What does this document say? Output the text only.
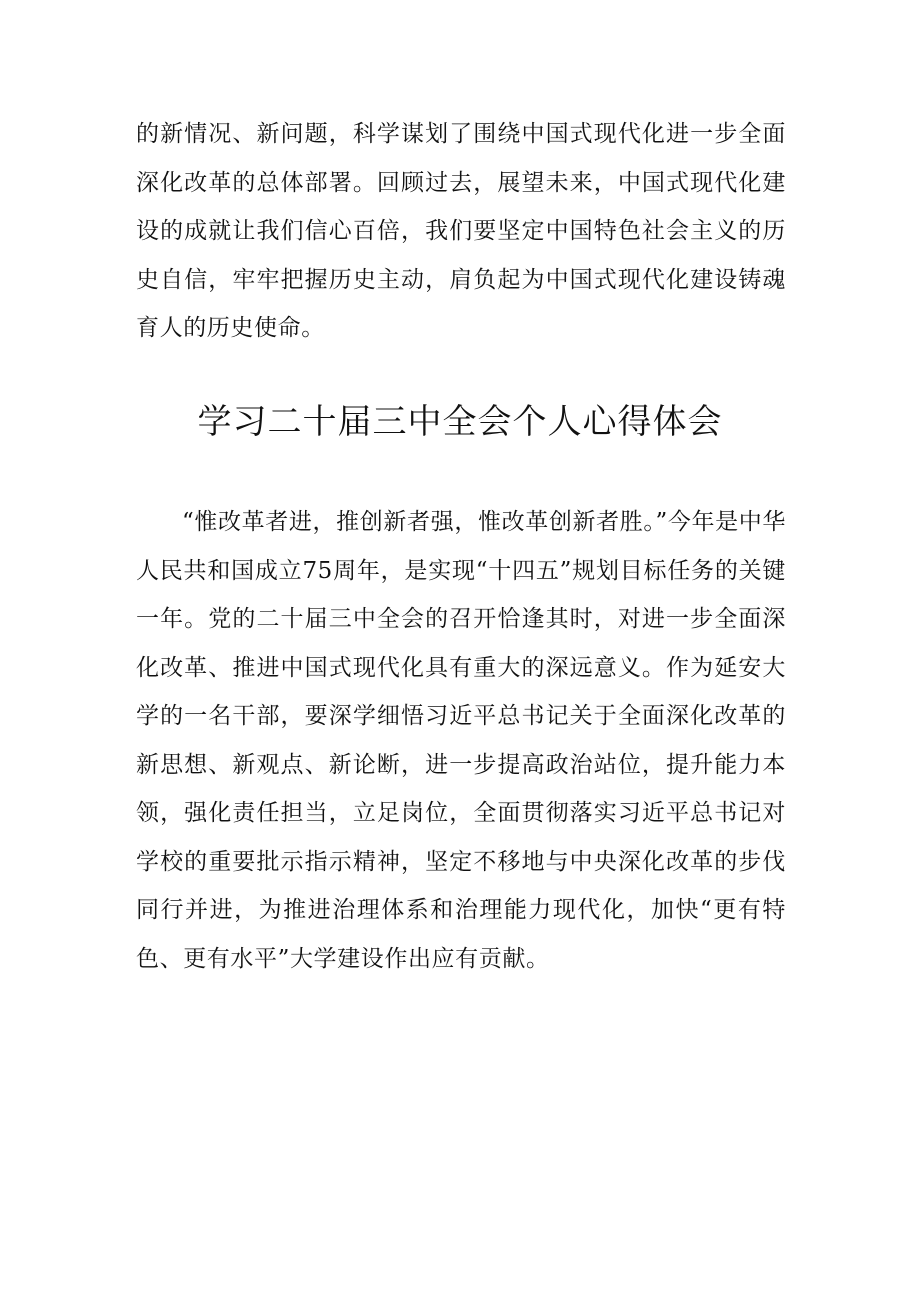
的新情况、新问题，科学谋划了围绕中国式现代化进一步全面深化改革的总体部署。回顾过去，展望未来，中国式现代化建设的成就让我们信心百倍，我们要坚定中国特色社会主义的历史自信，牢牢把握历史主动，肩负起为中国式现代化建设铸魂育人的历史使命。

学习二十届三中全会个人心得体会

“惟改革者进，推创新者强，惟改革创新者胜。”今年是中华人民共和国成立75周年，是实现“十四五”规划目标任务的关键一年。党的二十届三中全会的召开恰逢其时，对进一步全面深化改革、推进中国式现代化具有重大的深远意义。作为延安大学的一名干部，要深学细悟习近平总书记关于全面深化改革的新思想、新观点、新论断，进一步提高政治站位，提升能力本领，强化责任担当，立足岗位，全面贯彻落实习近平总书记对学校的重要批示指示精神，坚定不移地与中央深化改革的步伐同行并进，为推进治理体系和治理能力现代化，加快“更有特色、更有水平”大学建设作出应有贡献。
